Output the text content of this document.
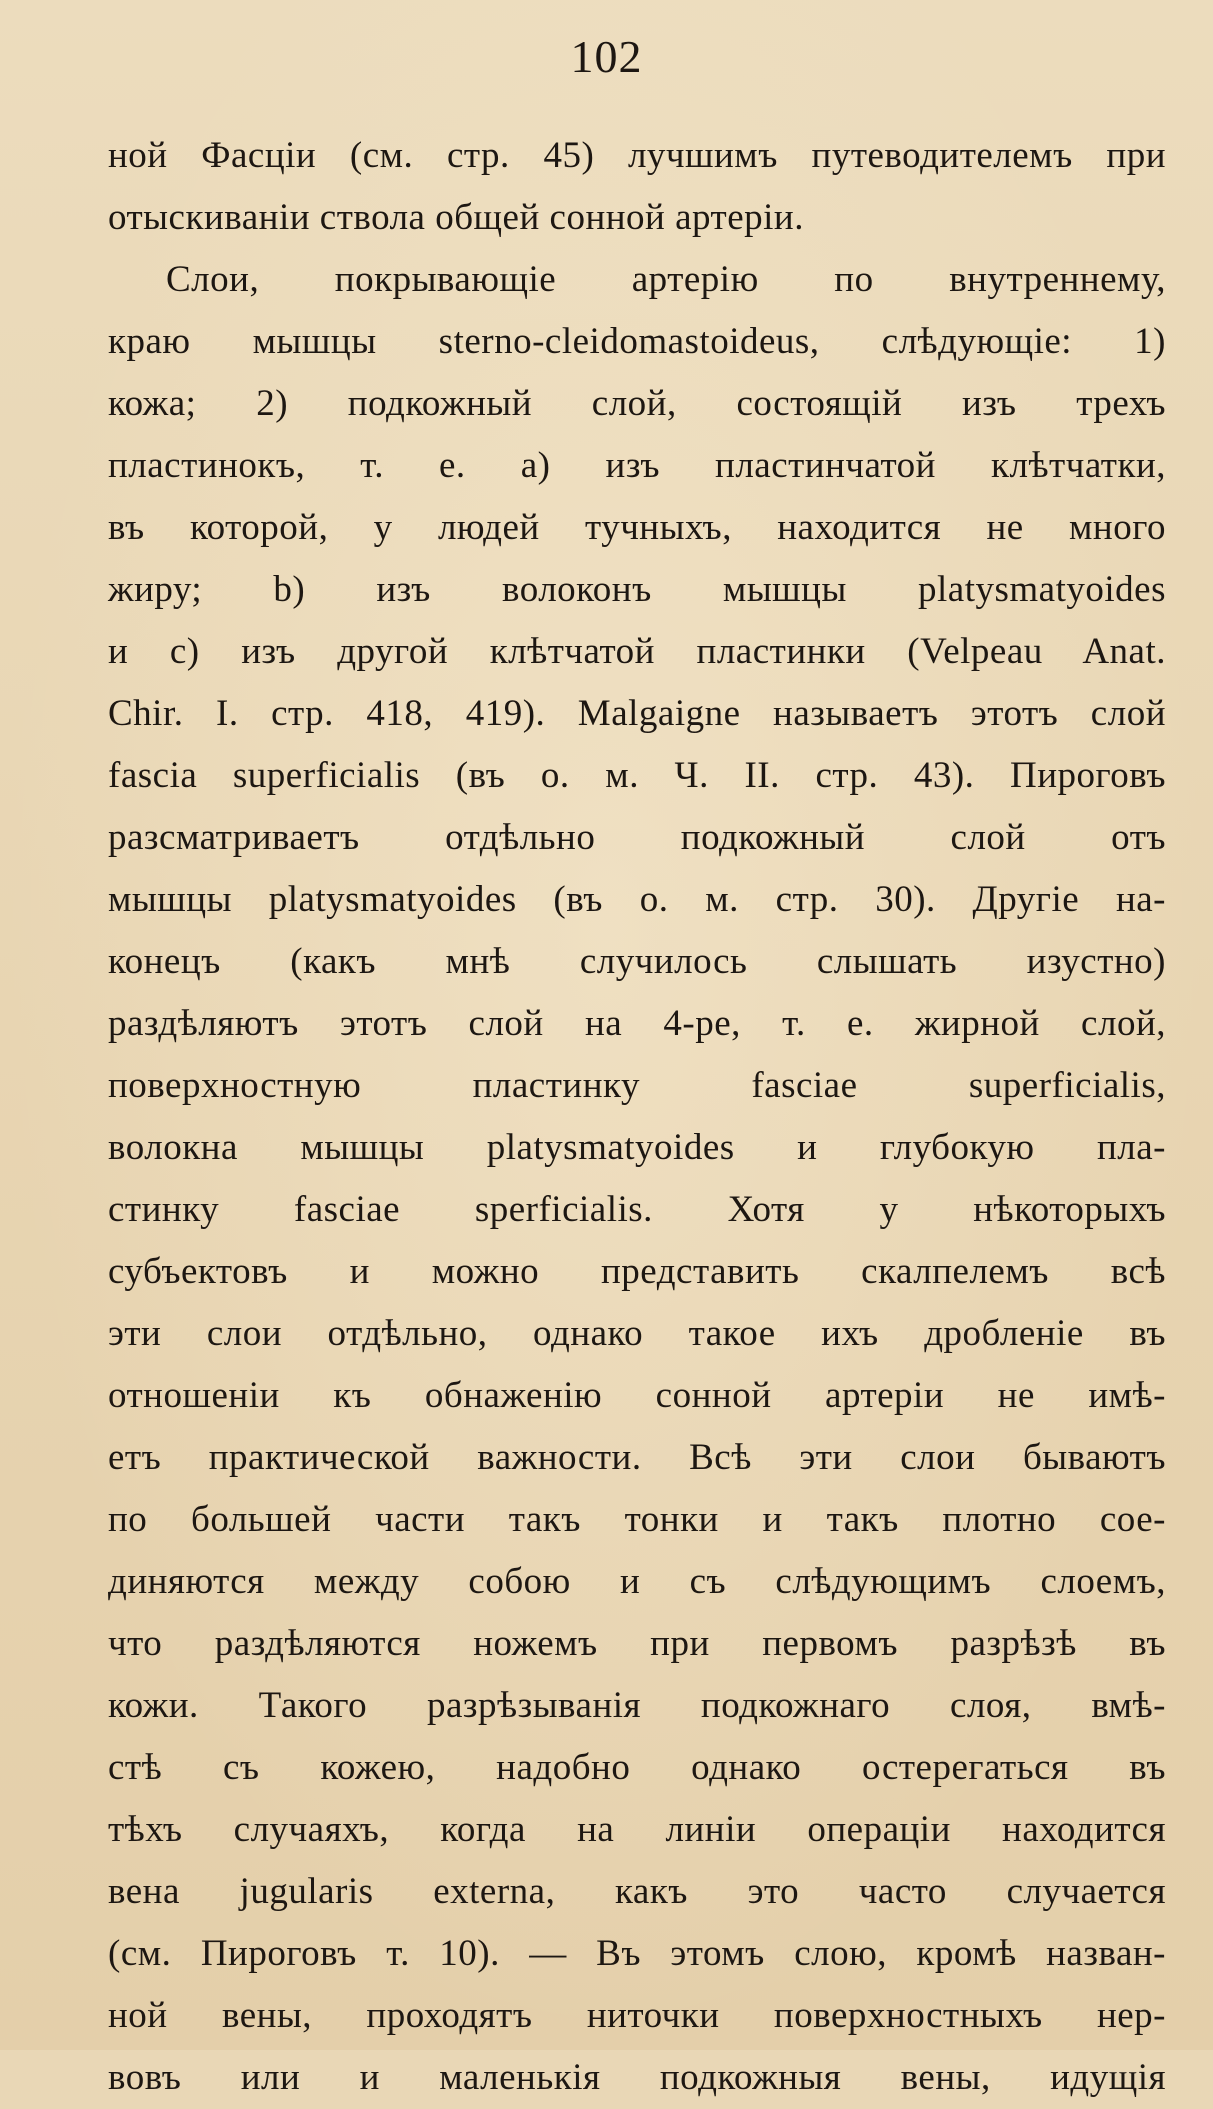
102
ной Фасціи (см. стр. 45) лучшимъ путеводителемъ при
отыскиваніи ствола общей сонной артеріи.
Слои, покрывающіе артерію по внутреннему,
краю мышцы sterno-cleidomastoideus, слѣдующіе: 1)
кожа; 2) подкожный слой, состоящій изъ трехъ
пластинокъ, т. е. a) изъ пластинчатой клѣтчатки,
въ которой, у людей тучныхъ, находится не много
жиру; b) изъ волоконъ мышцы platysmatyoides
и c) изъ другой клѣтчатой пластинки (Velpeau Anat.
Chir. I. стр. 418, 419). Malgaigne называетъ этотъ слой
fascia superficialis (въ о. м. Ч. II. стр. 43). Пироговъ
разсматриваетъ отдѣльно подкожный слой отъ
мышцы platysmatyoides (въ о. м. стр. 30). Другіе на-
конецъ (какъ мнѣ случилось слышать изустно)
раздѣляютъ этотъ слой на 4-ре, т. е. жирной слой,
поверхностную пластинку fasciae superficialis,
волокна мышцы platysmatyoides и глубокую пла-
стинку fasciae sperficialis. Хотя у нѣкоторыхъ
субъектовъ и можно представить скалпелемъ всѣ
эти слои отдѣльно, однако такое ихъ дробленіе въ
отношеніи къ обнаженію сонной артеріи не имѣ-
етъ практической важности. Всѣ эти слои бываютъ
по большей части такъ тонки и такъ плотно сое-
диняются между собою и съ слѣдующимъ слоемъ,
что раздѣляются ножемъ при первомъ разрѣзѣ въ
кожи. Такого разрѣзыванія подкожнаго слоя, вмѣ-
стѣ съ кожею, надобно однако остерегаться въ
тѣхъ случаяхъ, когда на линіи операціи находится
вена jugularis externa, какъ это часто случается
(см. Пироговъ т. 10). — Въ этомъ слою, кромѣ назван-
ной вены, проходятъ ниточки поверхностныхъ нер-
вовъ или и маленькія подкожныя вены, идущія
